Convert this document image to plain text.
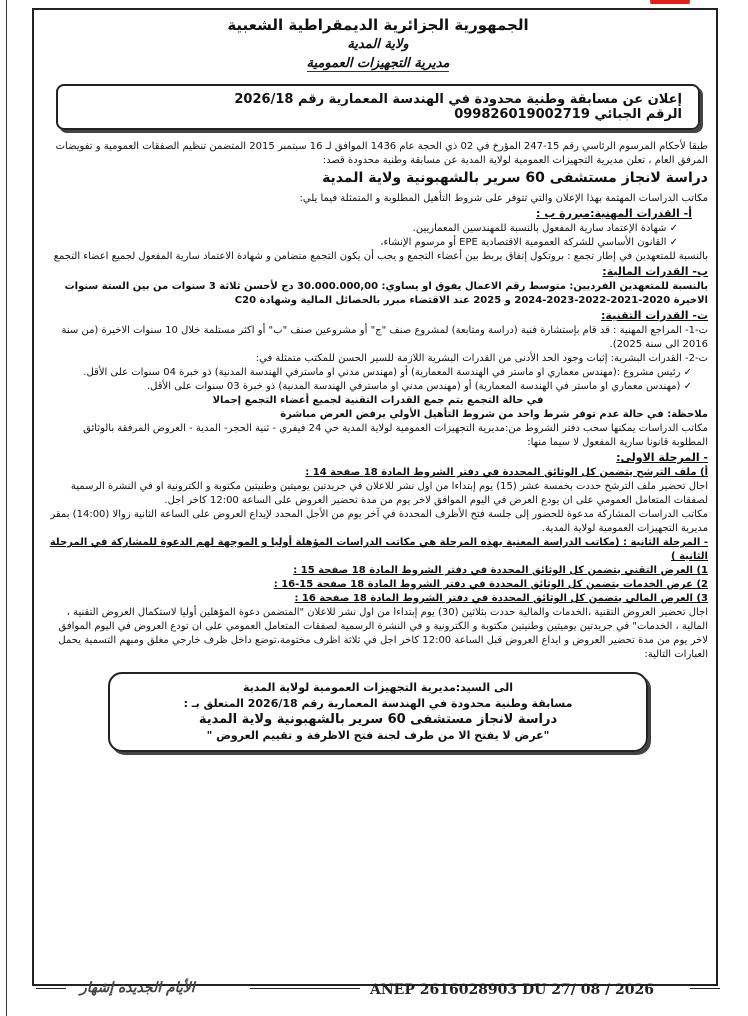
الجمهورية الجزائرية الديمقراطية الشعبية
ولاية المدية
مديرية التجهيزات العمومية
إعلان عن مسابقة وطنية محدودة في الهندسة المعمارية رقم 2026/18
الرقم الجبائي 099826019002719

طبقا لأحكام المرسوم الرئاسي رقم 15-247 المؤرخ في 02 ذي الحجة عام 1436 الموافق لـ 16 سبتمبر 2015 المتضمن تنظيم الصفقات العمومية و تفويضات المرفق العام ، تعلن مديرية التجهيزات العمومية لولاية المدية عن مسابقة وطنية محدودة قصد:

دراسة لانجاز مستشفى 60 سرير بالشهبونية ولاية المدية

مكاتب الدراسات المهتمة بهذا الإعلان والتي تتوفر على شروط التأهيل المطلوبة و المتمثلة فيما يلي:

أ- القدرات المهنية:مبررة ب :

✓ شهادة الإعتماد سارية المفعول بالنسبة للمهندسين المعماريين.

✓ القانون الأساسي للشركة العمومية الاقتصادية EPE أو مرسوم الإنشاء،

بالنسبة للمتعهدين في إطار تجمع : بروتكول إتفاق يربط بين أعضاء التجمع و يجب أن يكون التجمع متضامن و شهادة الاعتماد سارية المفعول لجميع اعضاء التجمع

ب- القدرات المالية:

بالنسبة للمتعهدين الفرديين: متوسط رقم الاعمال يفوق او يساوي: 30.000.000,00 دج لأحسن ثلاثة 3 سنوات من بين الستة سنوات الاخيرة 2020-2021-2022-2023-2024 و 2025 عند الاقتضاء مبرر بالحصائل المالية وشهادة C20

ت- القدرات التقنية:

ت-1- المراجع المهنية : قد قام بإستشارة فنية (دراسة ومتابعة) لمشروع صنف "ج" أو مشروعين صنف "ب" أو اكثر مستلمة خلال 10 سنوات الاخيرة (من سنة 2016 الى سنة 2025).

ت-2- القدرات البشرية: إثبات وجود الحد الأدنى من القدرات البشرية اللازمة للسير الحسن للمكتب متمثلة في:

✓ رئيس مشروع :(مهندس معماري او ماستر في الهندسة المعمارية) أو (مهندس مدني او ماسترفي الهندسة المدنية) ذو خبرة 04 سنوات على الأقل.

✓ (مهندس معماري او ماستر في الهندسة المعمارية) أو (مهندس مدني او ماسترفي الهندسة المدنية) ذو خبرة 03 سنوات على الأقل.

في حالة التجمع يتم جمع القدرات التقنية لجميع أعضاء التجمع إجمالا

ملاحظة: في حالة عدم توفر شرط واحد من شروط التأهيل الأولي يرفض العرض مباشرة

مكاتب الدراسات يمكنها سحب دفتر الشروط من:مديرية التجهيزات العمومية لولاية المدية حي 24 فيفري - ثنية الحجر- المدية - العروض المرفقة بالوثائق المطلوبة قانونا سارية المفعول لا سيما منها:

- المرحلة الاولى:

أ) ملف الترشح يتضمن كل الوثائق المحددة في دفتر الشروط المادة 18 صفحة 14 :

اجال تحضير ملف الترشح حددت بخمسة عشر (15) يوم إبتداءا من اول نشر للاعلان في جريدتين يوميتين وطنيتين مكتوبة و الكترونية او في النشرة الرسمية لصفقات المتعامل العمومي على ان يودع العرض في اليوم الموافق لاخر يوم من مدة تحضير العروض على الساعة 12:00 كاخر اجل.

مكاتب الدراسات المشاركة مدعوة للحضور إلى جلسة فتح الأظرف المحددة في آخر يوم من الأجل المحدد لإيداع العروض على الساعة الثانية زوالا (14:00) بمقر مديرية التجهيزات العمومية لولاية المدية.

- المرحلة الثانية : (مكاتب الدراسة المعنية بهذه المرحلة هي مكاتب الدراسات المؤهلة أوليا و الموجهة لهم الدعوة للمشاركة في المرحلة الثانية )

1) العرض التقني يتضمن كل الوثائق المحددة في دفتر الشروط المادة 18 صفحة 15 :

2) عرض الخدمات يتضمن كل الوثائق المحددة في دفتر الشروط المادة 18 صفحة 15-16 :

3) العرض المالي يتضمن كل الوثائق المحددة في دفتر الشروط المادة 18 صفحة 16 :

اجال تحضير العروض التقنية ،الخدمات والمالية حددت بثلاثين (30) يوم إبتداءا من اول نشر للاعلان "المتضمن دعوة المؤهلين أوليا لاستكمال العروض التقنية ، المالية ، الخدمات" في جريدتين يوميتين وطنيتين مكتوبة و الكترونية و في النشرة الرسمية لصفقات المتعامل العمومي على ان تودع العروض في اليوم الموافق لاخر يوم من مدة تحضير العروض و ايداع العروض قبل الساعة 12:00 كاخر اجل في ثلاثة اظرف مختومة،توضع داخل ظرف خارجي مغلق ومبهم التسمية يحمل العبارات التالية:

الى السيد:مديرية التجهيزات العمومية لولاية المدية
مسابقة وطنية محدودة في الهندسة المعمارية رقم 2026/18 المتعلق بـ :
دراسة لانجاز مستشفى 60 سرير بالشهبونية ولاية المدية
"عرض لا يفتح الا من طرف لجنة فتح الاظرفة و تقييم العروض "
الأيام الجديدة إشهار	ANEP 2616028903 DU 27/ 08 / 2026
